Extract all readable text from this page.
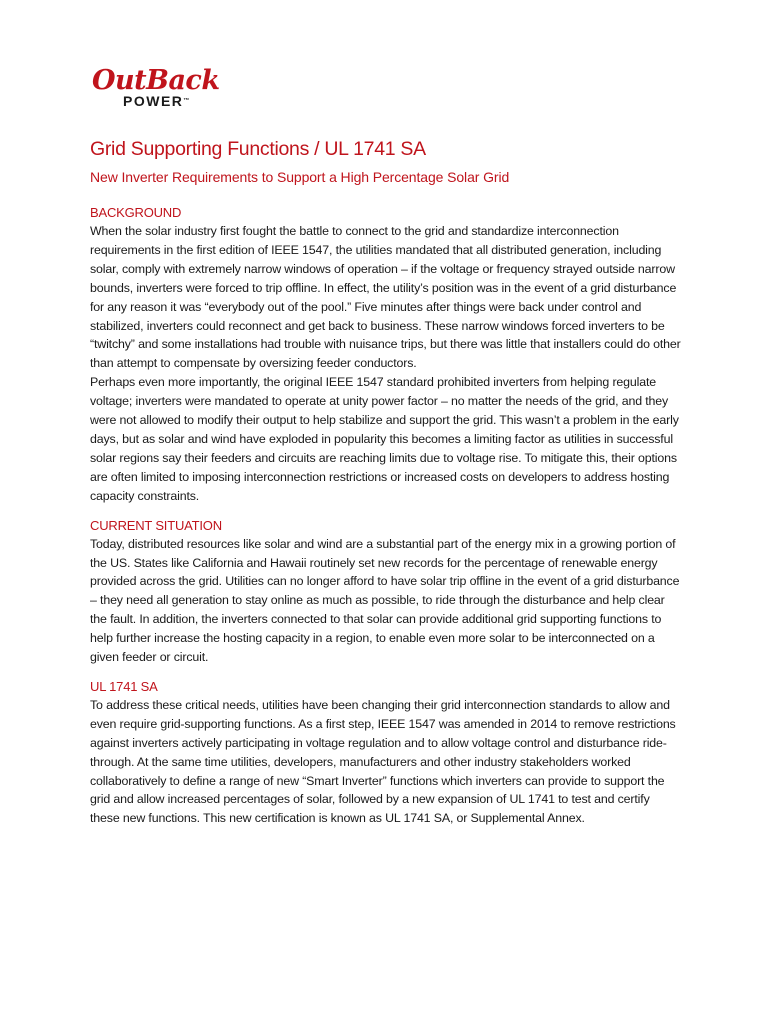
OutBack
POWER™
Grid Supporting Functions / UL 1741 SA
New Inverter Requirements to Support a High Percentage Solar Grid
BACKGROUND

When the solar industry first fought the battle to connect to the grid and standardize interconnection requirements in the first edition of IEEE 1547, the utilities mandated that all distributed generation, including solar, comply with extremely narrow windows of operation – if the voltage or frequency strayed outside narrow bounds, inverters were forced to trip offline. In effect, the utility’s position was in the event of a grid disturbance for any reason it was “everybody out of the pool.” Five minutes after things were back under control and stabilized, inverters could reconnect and get back to business. These narrow windows forced inverters to be “twitchy” and some installations had trouble with nuisance trips, but there was little that installers could do other than attempt to compensate by oversizing feeder conductors.

Perhaps even more importantly, the original IEEE 1547 standard prohibited inverters from helping regulate voltage; inverters were mandated to operate at unity power factor – no matter the needs of the grid, and they were not allowed to modify their output to help stabilize and support the grid. This wasn’t a problem in the early days, but as solar and wind have exploded in popularity this becomes a limiting factor as utilities in successful solar regions say their feeders and circuits are reaching limits due to voltage rise. To mitigate this, their options are often limited to imposing interconnection restrictions or increased costs on developers to address hosting capacity constraints.

CURRENT SITUATION

Today, distributed resources like solar and wind are a substantial part of the energy mix in a growing portion of the US. States like California and Hawaii routinely set new records for the percentage of renewable energy provided across the grid. Utilities can no longer afford to have solar trip offline in the event of a grid disturbance – they need all generation to stay online as much as possible, to ride through the disturbance and help clear the fault. In addition, the inverters connected to that solar can provide additional grid supporting functions to help further increase the hosting capacity in a region, to enable even more solar to be interconnected on a given feeder or circuit.

UL 1741 SA

To address these critical needs, utilities have been changing their grid interconnection standards to allow and even require grid-supporting functions. As a first step, IEEE 1547 was amended in 2014 to remove restrictions against inverters actively participating in voltage regulation and to allow voltage control and disturbance ride-through. At the same time utilities, developers, manufacturers and other industry stakeholders worked collaboratively to define a range of new “Smart Inverter” functions which inverters can provide to support the grid and allow increased percentages of solar, followed by a new expansion of UL 1741 to test and certify these new functions. This new certification is known as UL 1741 SA, or Supplemental Annex.
